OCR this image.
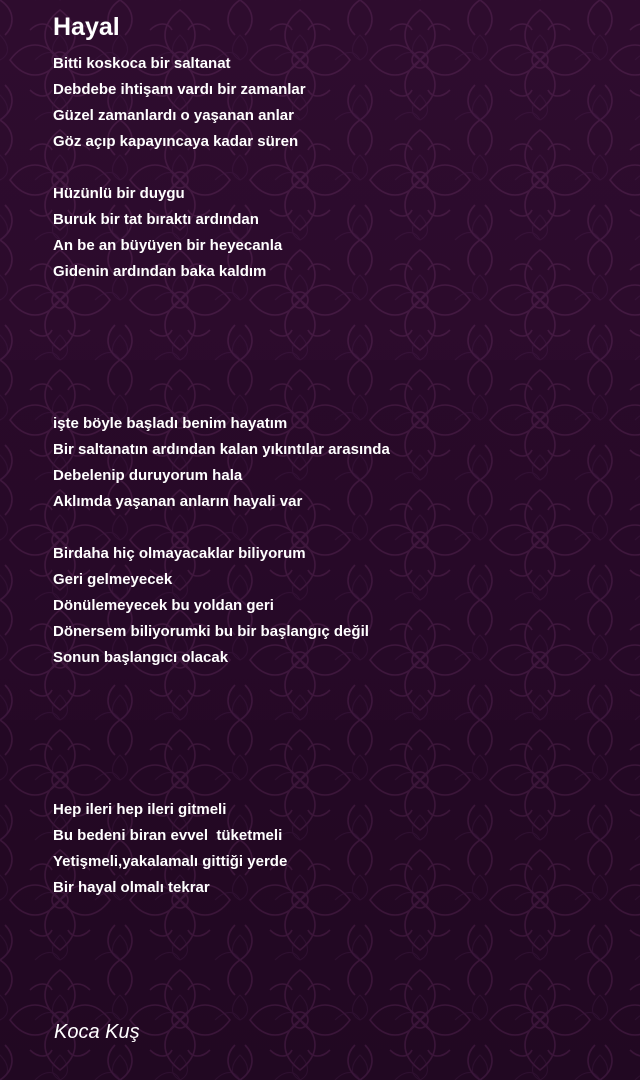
Hayal
Bitti koskoca bir saltanat
Debdebe ihtişam vardı bir zamanlar
Güzel zamanlardı o yaşanan anlar
Göz açıp kapayıncaya kadar süren
Hüzünlü bir duygu
Buruk bir tat bıraktı ardından
An be an büyüyen bir heyecanla
Gidenin ardından baka kaldım
işte böyle başladı benim hayatım
Bir saltanatın ardından kalan yıkıntılar arasında
Debelenip duruyorum hala
Aklımda yaşanan anların hayali var
Birdaha hiç olmayacaklar biliyorum
Geri gelmeyecek
Dönülemeyecek bu yoldan geri
Dönersem biliyorumki bu bir başlangıç değil
Sonun başlangıcı olacak
Hep ileri hep ileri gitmeli
Bu bedeni biran evvel  tüketmeli
Yetişmeli,yakalamalı gittiği yerde
Bir hayal olmalı tekrar
Koca Kuş
